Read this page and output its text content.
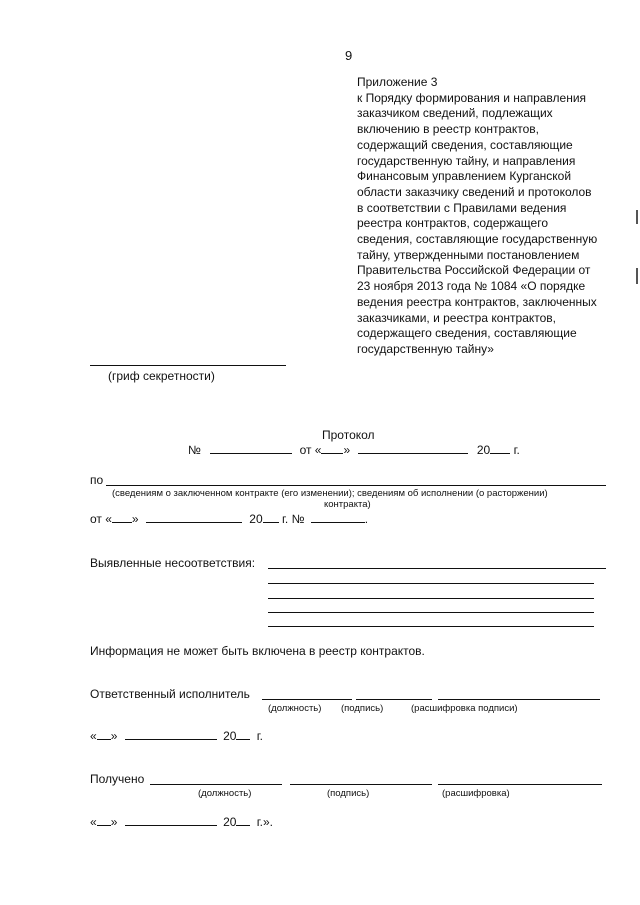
9
Приложение 3
к Порядку формирования и направления
заказчиком сведений, подлежащих
включению в реестр контрактов,
содержащий сведения, составляющие
государственную тайну, и направления
Финансовым управлением Курганской
области заказчику сведений и протоколов
в соответствии с Правилами ведения
реестра контрактов, содержащего
сведения, составляющие государственную
тайну, утвержденными постановлением
Правительства Российской Федерации от
23 ноября 2013 года № 1084 «О порядке
ведения реестра контрактов, заключенных
заказчиками, и реестра контрактов,
содержащего сведения, составляющие
государственную тайну»
(гриф секретности)
Протокол
№	от « »	20 г.
по
(сведениям о заключенном контракте (его изменении); сведениям об исполнении (о расторжении)
контракта)
от « »	20 г. №	.
Выявленные несоответствия:
Информация не может быть включена в реестр контрактов.
Ответственный исполнитель
(должность) (подпись)	(расшифровка подписи)
« »	20 г.
Получено
(должность)	(подпись)	(расшифровка)
« »	20 г.».
